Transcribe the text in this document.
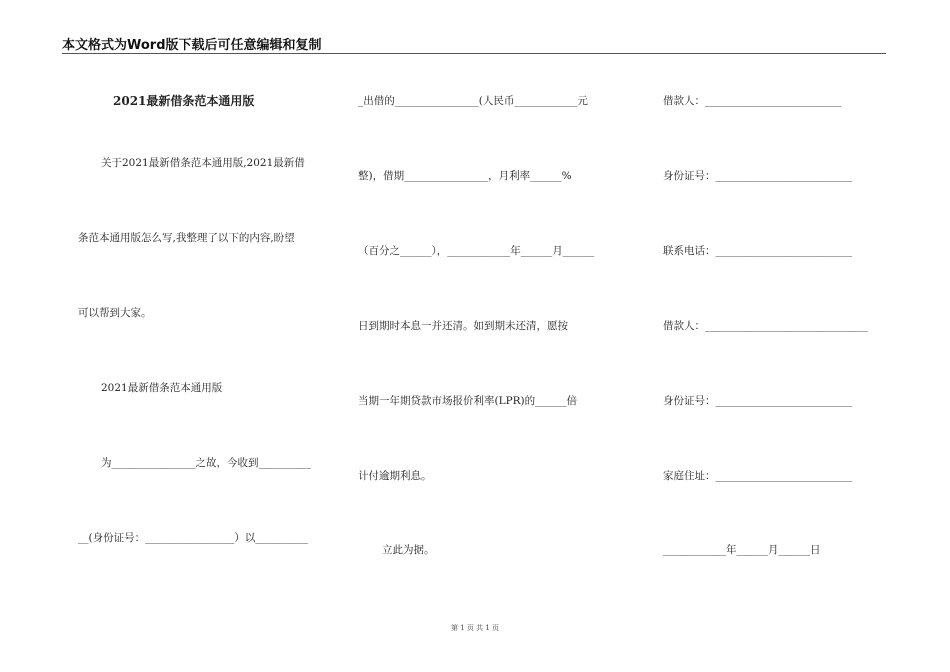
本文格式为Word版下载后可任意编辑和复制
2021最新借条范本通用版
关于2021最新借条范本通用版,2021最新借
条范本通用版怎么写,我整理了以下的内容,盼望
可以帮到大家。
2021最新借条范本通用版
为________________之故，今收到__________
__(身份证号：_________________）以__________
_出借的________________(人民币____________元
整)，借期________________，月利率______%
（百分之______），____________年______月______
日到期时本息一并还清。如到期未还清，愿按
当期一年期贷款市场报价利率(LPR)的______倍
计付逾期利息。
立此为据。
借款人：__________________________
身份证号：__________________________
联系电话：__________________________
借款人：_______________________________
身份证号：__________________________
家庭住址：__________________________
____________年______月______日
第 1 页 共 1 页
